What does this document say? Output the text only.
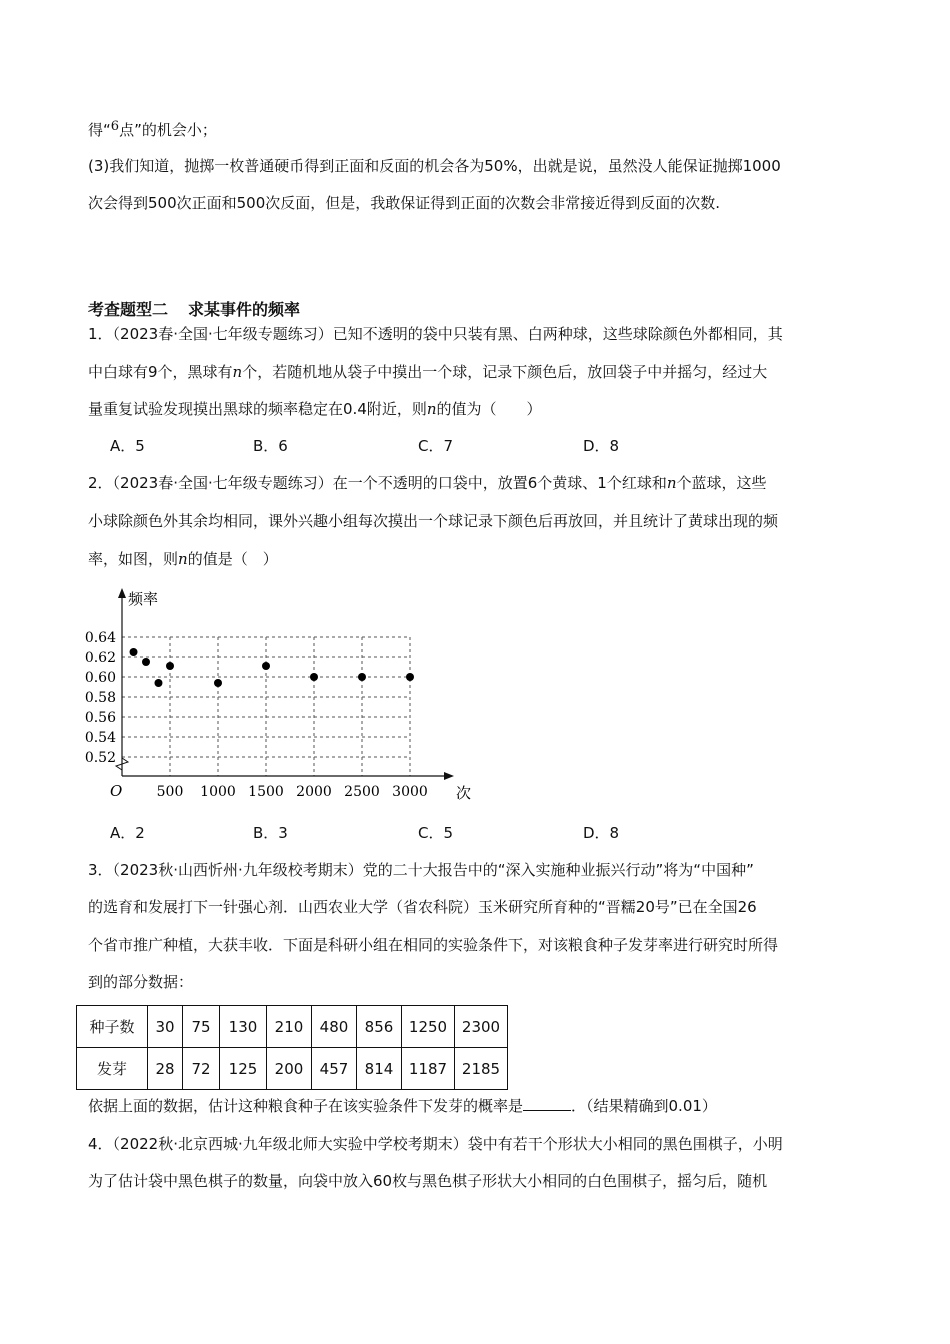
得“6点”的机会小；
(3)我们知道，抛掷一枚普通硬币得到正面和反面的机会各为50%，出就是说，虽然没人能保证抛掷1000
次会得到500次正面和500次反面，但是，我敢保证得到正面的次数会非常接近得到反面的次数.
考查题型二 求某事件的频率
1．（2023春·全国·七年级专题练习）已知不透明的袋中只装有黑、白两种球，这些球除颜色外都相同，其
中白球有9个，黑球有n个，若随机地从袋子中摸出一个球，记录下颜色后，放回袋子中并摇匀，经过大
量重复试验发现摸出黑球的频率稳定在0.4附近，则n的值为（　　）
A．5	B．6	C．7	D．8
2．（2023春·全国·七年级专题练习）在一个不透明的口袋中，放置6个黄球、1个红球和n个蓝球，这些
小球除颜色外其余均相同，课外兴趣小组每次摸出一个球记录下颜色后再放回，并且统计了黄球出现的频
率，如图，则n的值是（　）
0.52
0.54
0.56
0.58
0.60
0.62
0.64
500 1000 1500 2000 2500 3000
频率
次
O
A．2	B．3	C．5	D．8
3．（2023秋·山西忻州·九年级校考期末）党的二十大报告中的“深入实施种业振兴行动”将为“中国种”
的选育和发展打下一针强心剂．山西农业大学（省农科院）玉米研究所育种的“晋糯20号”已在全国26
个省市推广种植，大获丰收．下面是科研小组在相同的实验条件下，对该粮食种子发芽率进行研究时所得
到的部分数据：
种子数	30	75	130	210	480	856	1250	2300
发芽	28	72	125	200	457	814	1187	2185
依据上面的数据，估计这种粮食种子在该实验条件下发芽的概率是	．（结果精确到0.01）
4．（2022秋·北京西城·九年级北师大实验中学校考期末）袋中有若干个形状大小相同的黑色围棋子，小明
为了估计袋中黑色棋子的数量，向袋中放入60枚与黑色棋子形状大小相同的白色围棋子，摇匀后，随机
